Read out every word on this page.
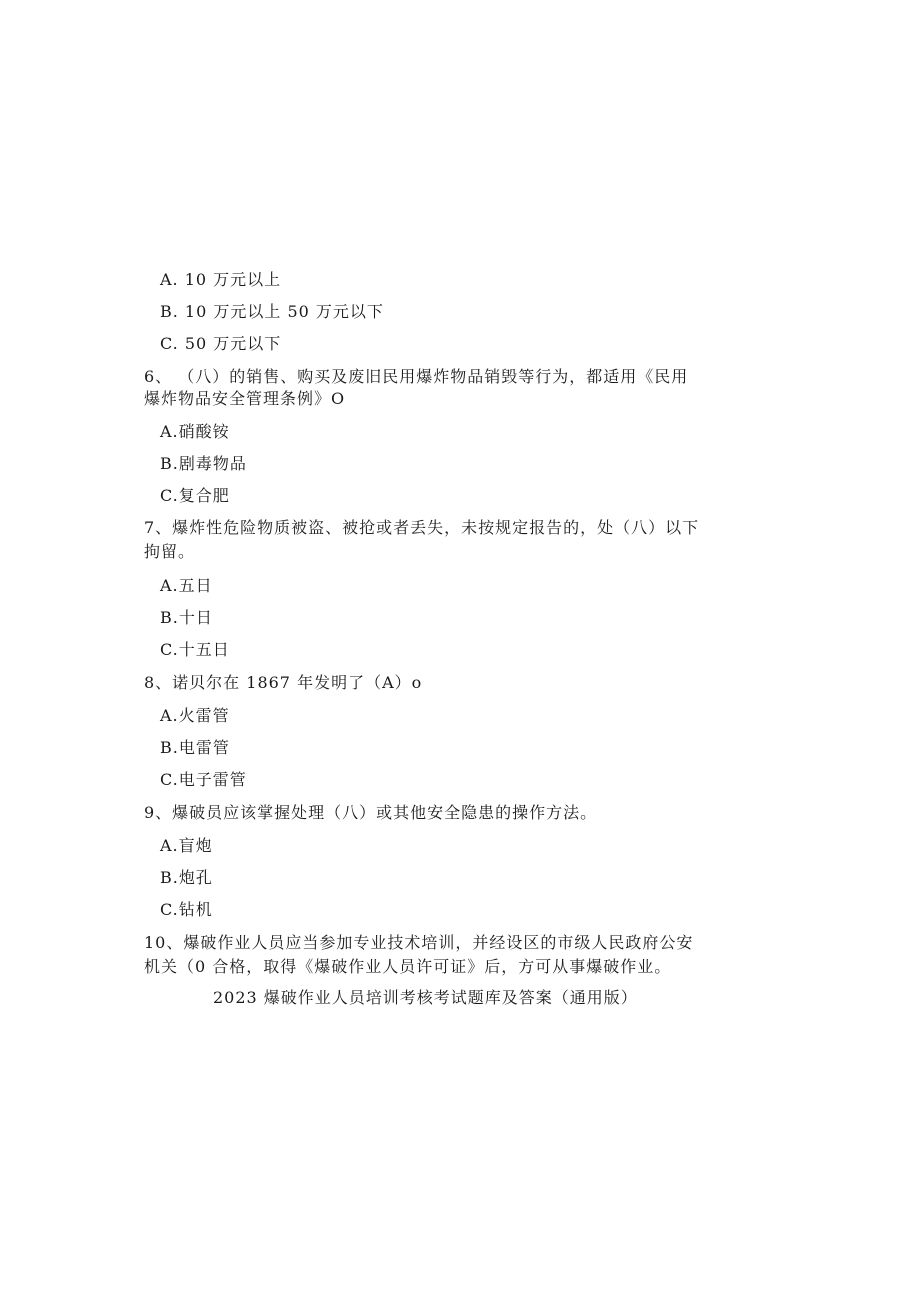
A. 10 万元以上
B. 10 万元以上 50 万元以下
C. 50 万元以下
6、 （八）的销售、购买及废旧民用爆炸物品销毁等行为，都适用《民用
爆炸物品安全管理条例》O
A.硝酸铵
B.剧毒物品
C.复合肥
7、爆炸性危险物质被盗、被抢或者丢失，未按规定报告的，处（八）以下
拘留。
A.五日
B.十日
C.十五日
8、诺贝尔在 1867 年发明了（A）o
A.火雷管
B.电雷管
C.电子雷管
9、爆破员应该掌握处理（八）或其他安全隐患的操作方法。
A.盲炮
B.炮孔
C.钻机
10、爆破作业人员应当参加专业技术培训，并经设区的市级人民政府公安
机关（0 合格，取得《爆破作业人员许可证》后，方可从事爆破作业。
2023 爆破作业人员培训考核考试题库及答案（通用版）
